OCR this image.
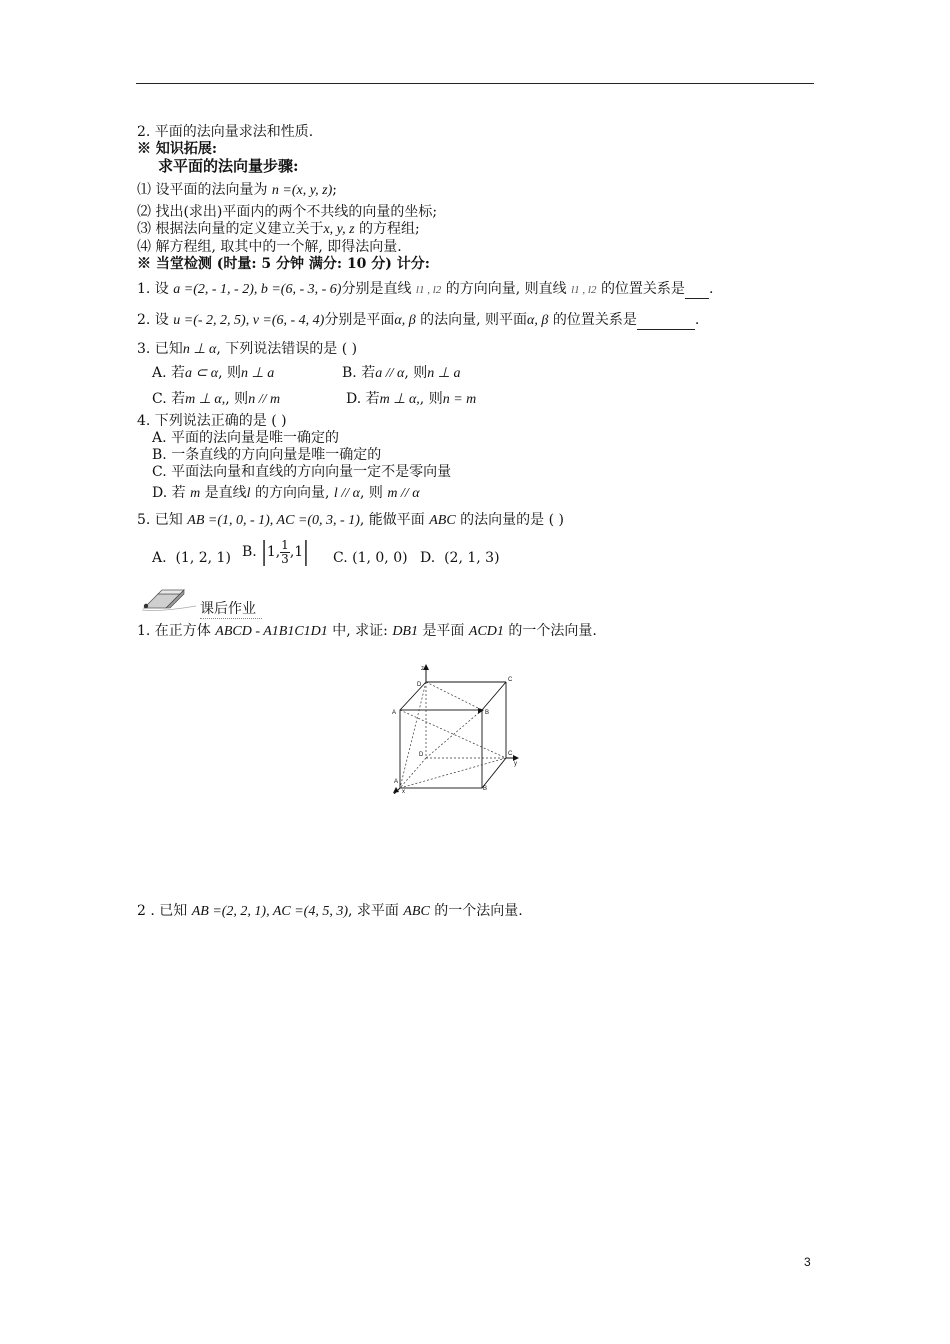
2. 平面的法向量求法和性质.
※ 知识拓展:
求平面的法向量步骤:
⑴ 设平面的法向量为 n =(x, y, z);
⑵ 找出(求出)平面内的两个不共线的向量的坐标;
⑶ 根据法向量的定义建立关于x, y, z 的方程组;
⑷ 解方程组, 取其中的一个解, 即得法向量.
※ 当堂检测 (时量: 5 分钟 满分: 10 分) 计分:
1. 设 a =(2, - 1, - 2), b =(6, - 3, - 6)分别是直线 l1 , l2 的方向向量, 则直线 l1 , l2 的位置关系是 .
2. 设 u =(- 2, 2, 5), v =(6, - 4, 4)分别是平面α, β 的法向量, 则平面α, β 的位置关系是	.
3. 已知n ⊥ α, 下列说法错误的是 ( )
A. 若a ⊂ α, 则n ⊥ a	B. 若a // α, 则n ⊥ a
C. 若m ⊥ α,, 则n // m	D. 若m ⊥ α,, 则n = m
4. 下列说法正确的是 ( )
A. 平面的法向量是唯一确定的
B. 一条直线的方向向量是唯一确定的
C. 平面法向量和直线的方向向量一定不是零向量
D. 若 m 是直线l 的方向向量, l // α, 则 m // α
5. 已知 AB =(1, 0, - 1), AC =(0, 3, - 1), 能做平面 ABC 的法向量的是 ( )
A. (1, 2, 1) B. |1, $\frac{1}{3} ,1|$ C. (1, 0, 0) D. (2, 1, 3)
课后作业
1. 在正方体 ABCD - A1B1C1D1 中, 求证: DB1 是平面 ACD1 的一个法向量.
z
D
C
A	B
D	C
y
A
x	B
2 . 已知 AB =(2, 2, 1), AC =(4, 5, 3), 求平面 ABC 的一个法向量.
3
